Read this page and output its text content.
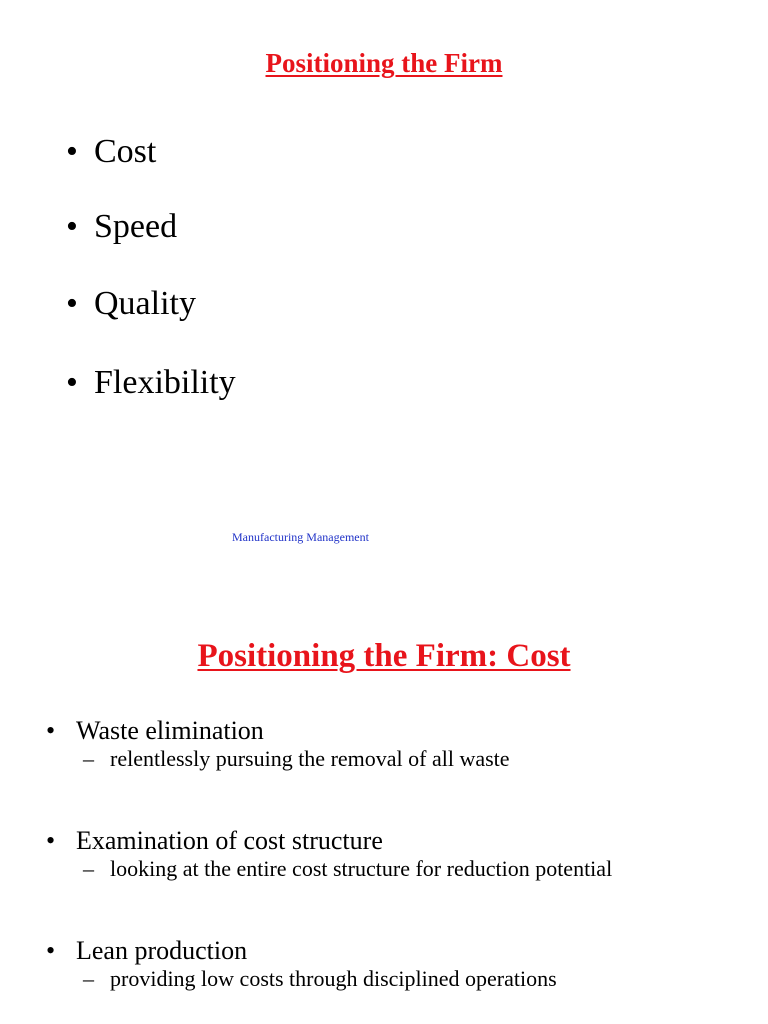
Positioning the Firm
• Cost
• Speed
• Quality
• Flexibility
Manufacturing Management
Positioning the Firm: Cost
• Waste elimination
– relentlessly pursuing the removal of all waste
• Examination of cost structure
– looking at the entire cost structure for reduction potential
• Lean production
– providing low costs through disciplined operations
